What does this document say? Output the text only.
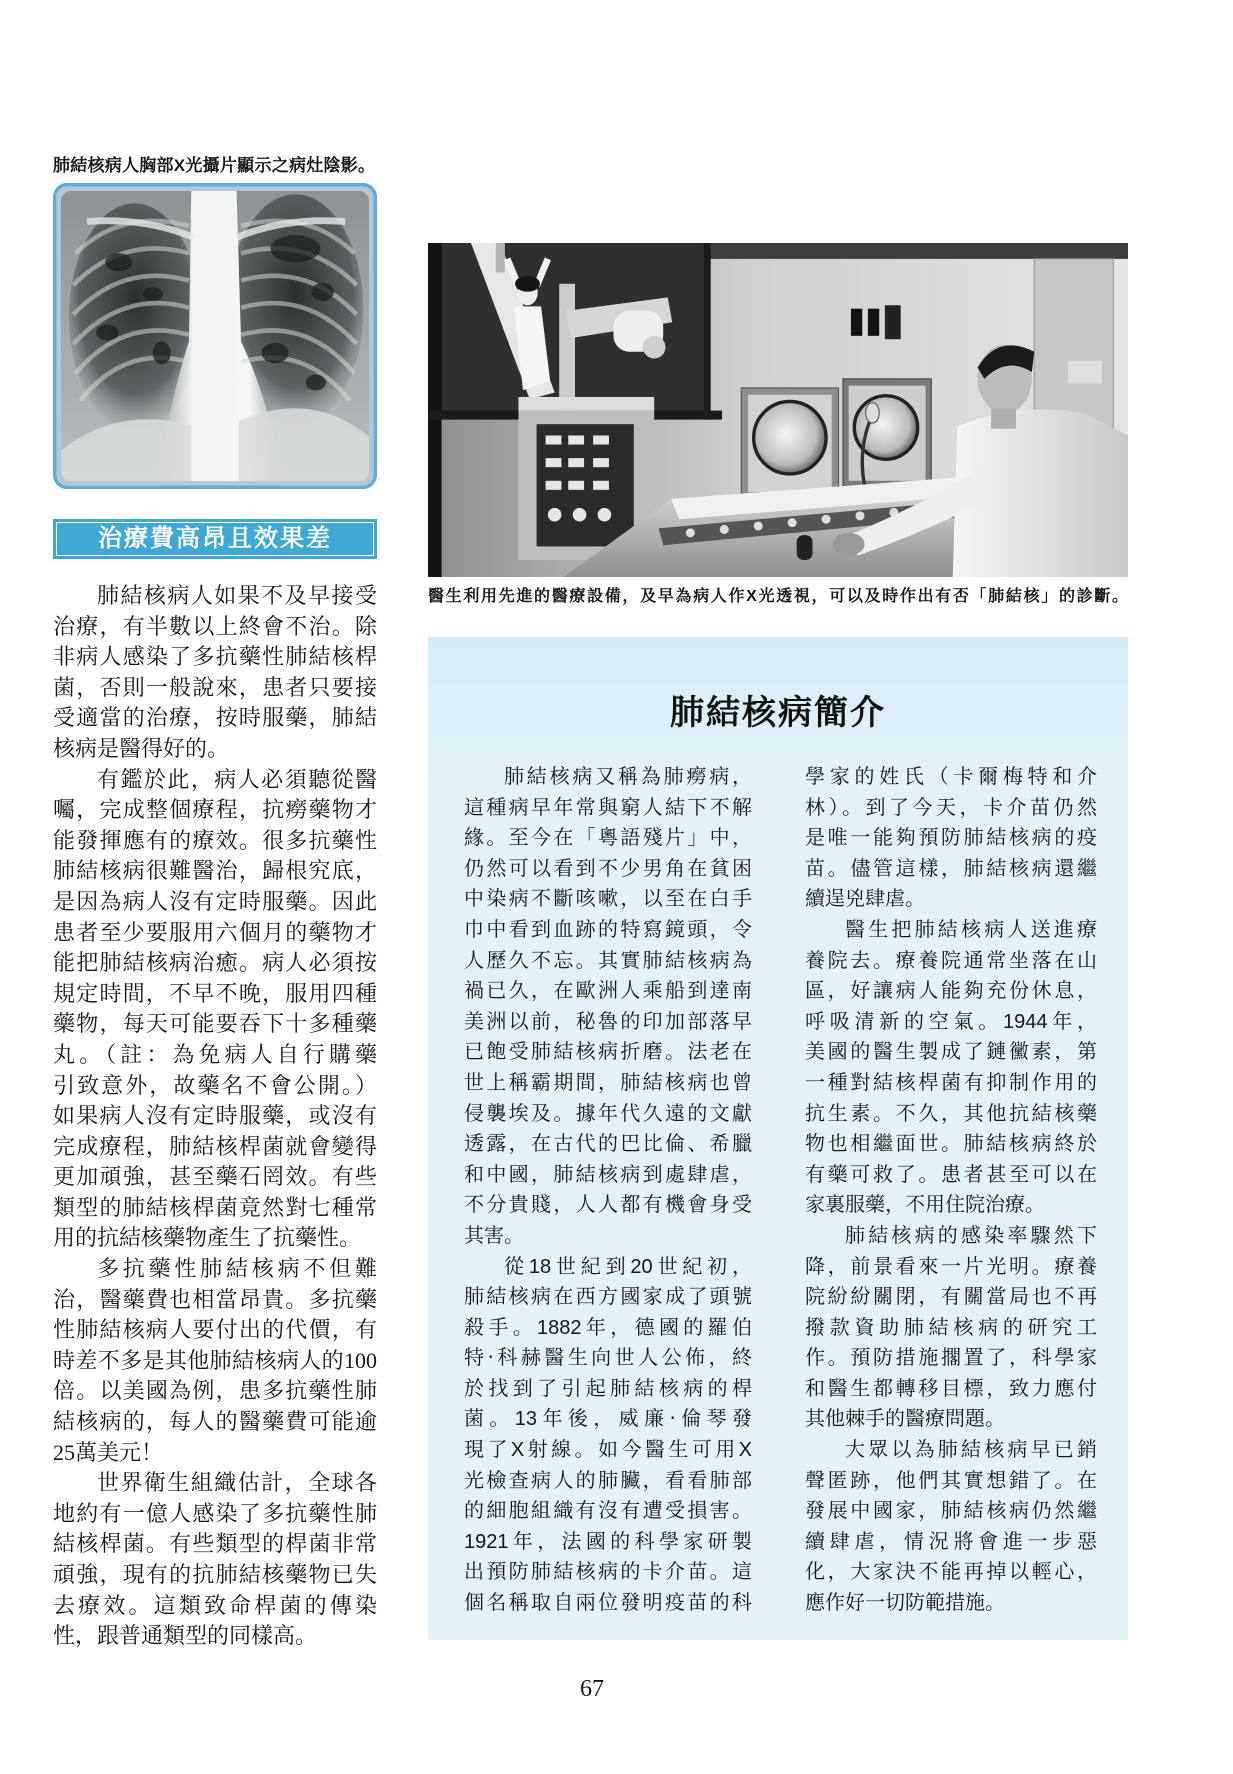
肺結核病人胸部X光攝片顯示之病灶陰影。
治療費高昂且效果差
肺結核病人如果不及早接受
治療，有半數以上終會不治。除
非病人感染了多抗藥性肺結核桿
菌，否則一般說來，患者只要接
受適當的治療，按時服藥，肺結
核病是醫得好的。
有鑑於此，病人必須聽從醫
囑，完成整個療程，抗癆藥物才
能發揮應有的療效。很多抗藥性
肺結核病很難醫治，歸根究底，
是因為病人沒有定時服藥。因此
患者至少要服用六個月的藥物才
能把肺結核病治癒。病人必須按
規定時間，不早不晚，服用四種
藥物，每天可能要吞下十多種藥
丸。（註：為免病人自行購藥
引致意外，故藥名不會公開。）
如果病人沒有定時服藥，或沒有
完成療程，肺結核桿菌就會變得
更加頑強，甚至藥石罔效。有些
類型的肺結核桿菌竟然對七種常
用的抗結核藥物產生了抗藥性。
多抗藥性肺結核病不但難
治，醫藥費也相當昂貴。多抗藥
性肺結核病人要付出的代價，有
時差不多是其他肺結核病人的100
倍。以美國為例，患多抗藥性肺
結核病的，每人的醫藥費可能逾
25萬美元！
世界衛生組織估計，全球各
地約有一億人感染了多抗藥性肺
結核桿菌。有些類型的桿菌非常
頑強，現有的抗肺結核藥物已失
去療效。這類致命桿菌的傳染
性，跟普通類型的同樣高。
醫生利用先進的醫療設備，及早為病人作X光透視，可以及時作出有否「肺結核」的診斷。
肺結核病簡介
肺結核病又稱為肺癆病，
這種病早年常與窮人結下不解
緣。至今在「粵語殘片」中，
仍然可以看到不少男角在貧困
中染病不斷咳嗽，以至在白手
巾中看到血跡的特寫鏡頭，令
人歷久不忘。其實肺結核病為
禍已久，在歐洲人乘船到達南
美洲以前，秘魯的印加部落早
已飽受肺結核病折磨。法老在
世上稱霸期間，肺結核病也曾
侵襲埃及。據年代久遠的文獻
透露，在古代的巴比倫、希臘
和中國，肺結核病到處肆虐，
不分貴賤，人人都有機會身受
其害。
從18世紀到20世紀初，
肺結核病在西方國家成了頭號
殺手。1882年，德國的羅伯
特‧科赫醫生向世人公佈，終
於找到了引起肺結核病的桿
菌。13年後，威廉‧倫琴發
現了X射線。如今醫生可用X
光檢查病人的肺臟，看看肺部
的細胞組織有沒有遭受損害。
1921年，法國的科學家研製
出預防肺結核病的卡介苗。這
個名稱取自兩位發明疫苗的科
學家的姓氏（卡爾梅特和介
林）。到了今天，卡介苗仍然
是唯一能夠預防肺結核病的疫
苗。儘管這樣，肺結核病還繼
續逞兇肆虐。
醫生把肺結核病人送進療
養院去。療養院通常坐落在山
區，好讓病人能夠充份休息，
呼吸清新的空氣。1944年，
美國的醫生製成了鏈黴素，第
一種對結核桿菌有抑制作用的
抗生素。不久，其他抗結核藥
物也相繼面世。肺結核病終於
有藥可救了。患者甚至可以在
家裏服藥，不用住院治療。
肺結核病的感染率驟然下
降，前景看來一片光明。療養
院紛紛關閉，有關當局也不再
撥款資助肺結核病的研究工
作。預防措施擱置了，科學家
和醫生都轉移目標，致力應付
其他棘手的醫療問題。
大眾以為肺結核病早已銷
聲匿跡，他們其實想錯了。在
發展中國家，肺結核病仍然繼
續肆虐，情況將會進一步惡
化，大家決不能再掉以輕心，
應作好一切防範措施。
67
